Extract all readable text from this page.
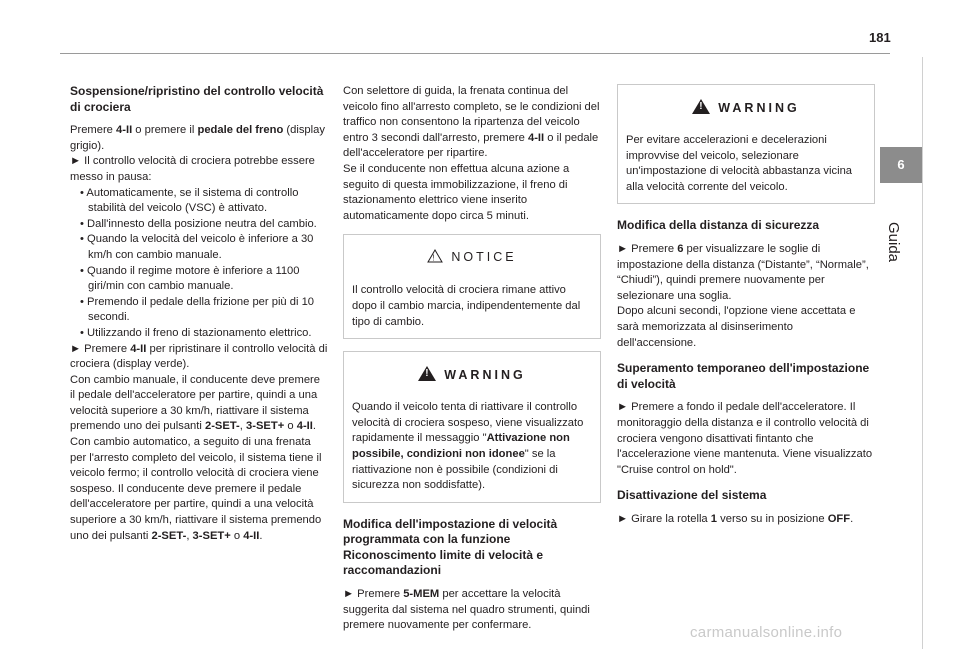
181
6
Guida

Sospensione/ripristino del controllo velocità di crociera

Premere 4-II o premere il pedale del freno (display grigio).

► Il controllo velocità di crociera potrebbe essere messo in pausa:

• Automaticamente, se il sistema di controllo stabilità del veicolo (VSC) è attivato.

• Dall'innesto della posizione neutra del cambio.

• Quando la velocità del veicolo è inferiore a 30 km/h con cambio manuale.

• Quando il regime motore è inferiore a 1100 giri/min con cambio manuale.

• Premendo il pedale della frizione per più di 10 secondi.

• Utilizzando il freno di stazionamento elettrico.

► Premere 4-II per ripristinare il controllo velocità di crociera (display verde).

Con cambio manuale, il conducente deve premere il pedale dell'acceleratore per partire, quindi a una velocità superiore a 30 km/h, riattivare il sistema premendo uno dei pulsanti 2-SET-, 3-SET+ o 4-II.

Con cambio automatico, a seguito di una frenata per l'arresto completo del veicolo, il sistema tiene il veicolo fermo; il controllo velocità di crociera viene sospeso. Il conducente deve premere il pedale dell'acceleratore per partire, quindi a una velocità superiore a 30 km/h, riattivare il sistema premendo uno dei pulsanti 2-SET-, 3-SET+ o 4-II.

Con selettore di guida, la frenata continua del veicolo fino all'arresto completo, se le condizioni del traffico non consentono la ripartenza del veicolo entro 3 secondi dall'arresto, premere 4-II o il pedale dell'acceleratore per ripartire.

Se il conducente non effettua alcuna azione a seguito di questa immobilizzazione, il freno di stazionamento elettrico viene inserito automaticamente dopo circa 5 minuti.

! NOTICE
Il controllo velocità di crociera rimane attivo dopo il cambio marcia, indipendentemente dal tipo di cambio.
!WARNING
Quando il veicolo tenta di riattivare il controllo velocità di crociera sospeso, viene visualizzato rapidamente il messaggio "Attivazione non possibile, condizioni non idonee" se la riattivazione non è possibile (condizioni di sicurezza non soddisfatte).

Modifica dell'impostazione di velocità programmata con la funzione Riconoscimento limite di velocità e raccomandazioni

► Premere 5-MEM per accettare la velocità suggerita dal sistema nel quadro strumenti, quindi premere nuovamente per confermare.

!WARNING
Per evitare accelerazioni e decelerazioni improvvise del veicolo, selezionare un'impostazione di velocità abbastanza vicina alla velocità corrente del veicolo.

Modifica della distanza di sicurezza

► Premere 6 per visualizzare le soglie di impostazione della distanza (“Distante”, “Normale”, “Chiudi”), quindi premere nuovamente per selezionare una soglia.

Dopo alcuni secondi, l'opzione viene accettata e sarà memorizzata al disinserimento dell'accensione.

Superamento temporaneo dell'impostazione di velocità

► Premere a fondo il pedale dell'acceleratore. Il monitoraggio della distanza e il controllo velocità di crociera vengono disattivati fintanto che l'accelerazione viene mantenuta. Viene visualizzato "Cruise control on hold".

Disattivazione del sistema

► Girare la rotella 1 verso su in posizione OFF.

carmanualsonline.info
